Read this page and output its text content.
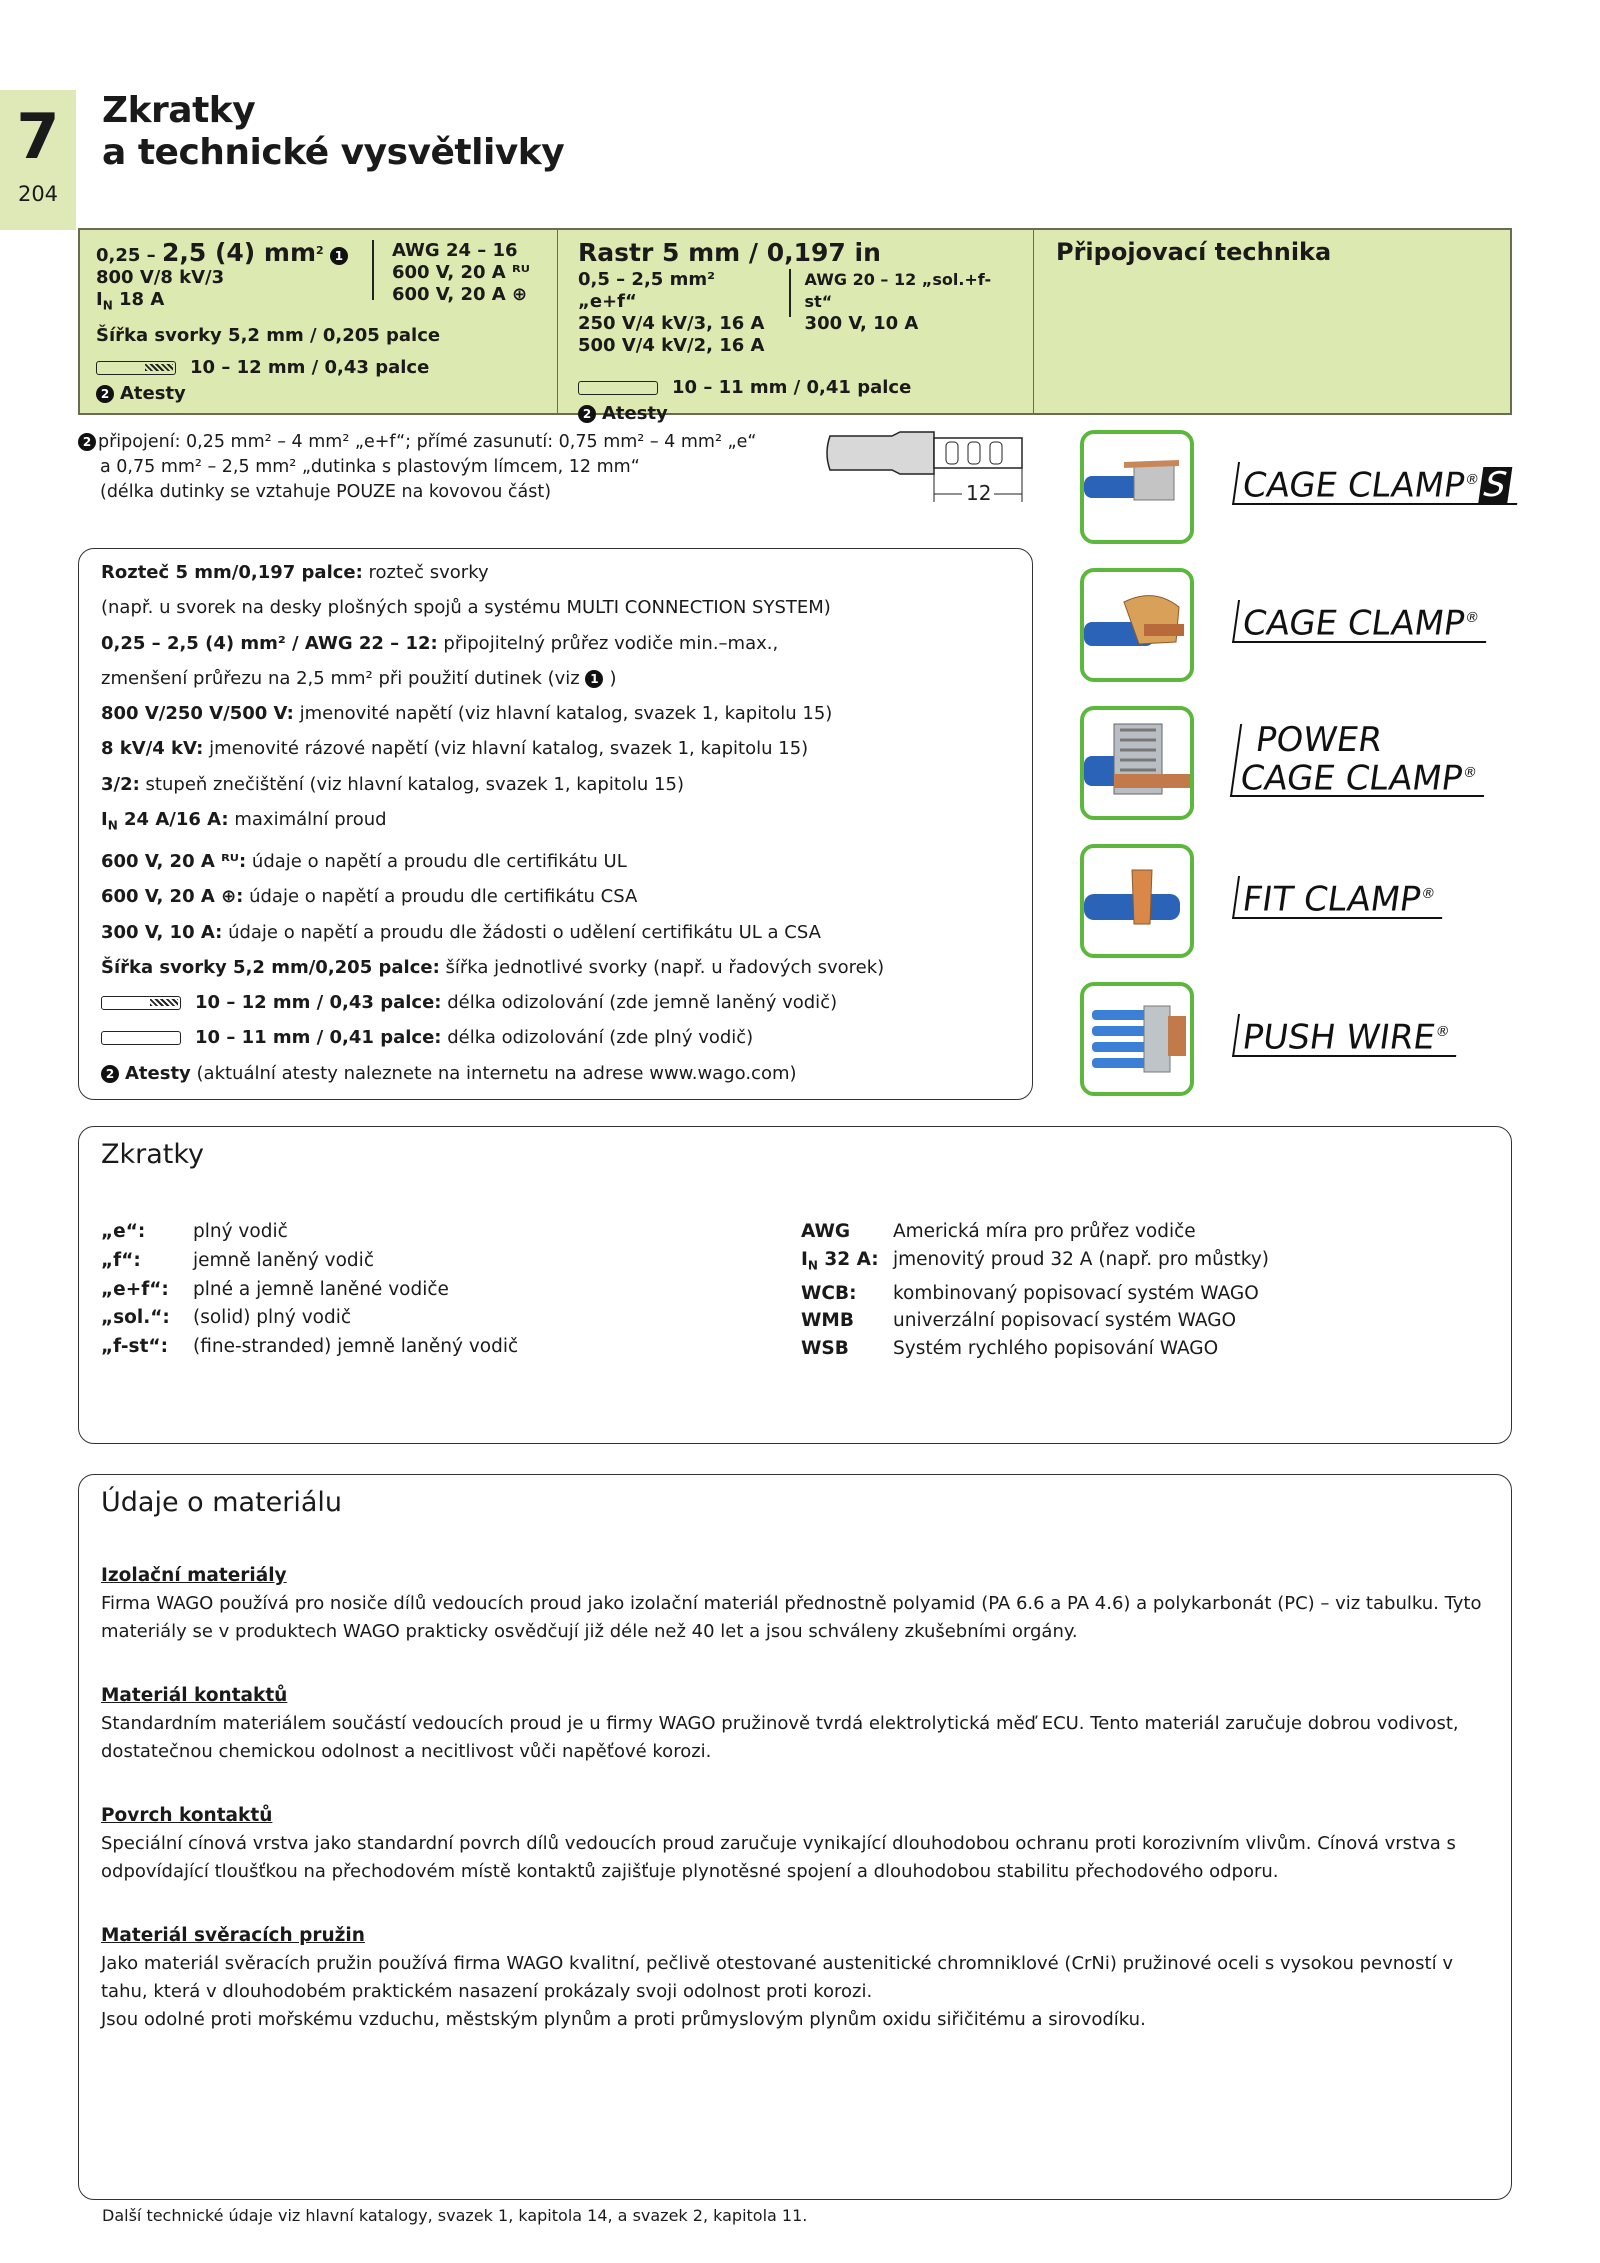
7
204
Zkratky
a technické vysvětlivky
0,25 – 2,5 (4) $mm^2$ 1
800 V/8 kV/3
$I_N$ 18 A
AWG 24 – 16
600 V, 20 A ᴿᵁ
600 V, 20 A ⊕
Šířka svorky 5,2 mm / 0,205 palce
10 – 12 mm / 0,43 palce
2 Atesty
Rastr 5 mm / 0,197 in
0,5 – 2,5 mm² „e+f“
250 V/4 kV/3, 16 A
500 V/4 kV/2, 16 A
AWG 20 – 12 „sol.+f-st“
300 V, 10 A
10 – 11 mm / 0,41 palce
2 Atesty
Připojovací technika
2 připojení: 0,25 mm² – 4 mm² „e+f“; přímé zasunutí: 0,75 mm² – 4 mm² „e“
a 0,75 mm² – 2,5 mm² „dutinka s plastovým límcem, 12 mm“
(délka dutinky se vztahuje POUZE na kovovou část)	12	CAGE CLAMP®S
CAGE CLAMP®
POWER
CAGE CLAMP®
FIT CLAMP®
PUSH WIRE®
Rozteč 5 mm/0,197 palce: rozteč svorky
(např. u svorek na desky plošných spojů a systému MULTI CONNECTION SYSTEM)
0,25 – 2,5 (4) mm² / AWG 22 – 12: připojitelný průřez vodiče min.–max.,
zmenšení průřezu na 2,5 mm² při použití dutinek (viz 1 )
800 V/250 V/500 V: jmenovité napětí (viz hlavní katalog, svazek 1, kapitolu 15)
8 kV/4 kV: jmenovité rázové napětí (viz hlavní katalog, svazek 1, kapitolu 15)
3/2: stupeň znečištění (viz hlavní katalog, svazek 1, kapitolu 15)
$I_N$ 24 A/16 A: maximální proud
600 V, 20 A ᴿᵁ: údaje o napětí a proudu dle certifikátu UL
600 V, 20 A ⊕: údaje o napětí a proudu dle certifikátu CSA
300 V, 10 A: údaje o napětí a proudu dle žádosti o udělení certifikátu UL a CSA
Šířka svorky 5,2 mm/0,205 palce: šířka jednotlivé svorky (např. u řadových svorek)
10 – 12 mm / 0,43 palce: délka odizolování (zde jemně laněný vodič)
10 – 11 mm / 0,41 palce: délka odizolování (zde plný vodič)
2 Atesty (aktuální atesty naleznete na internetu na adrese www.wago.com)
Zkratky
„e“:	plný vodič
„f“:	jemně laněný vodič
„e+f“:	plné a jemně laněné vodiče
„sol.“:	(solid) plný vodič
„f-st“:	(fine-stranded) jemně laněný vodič
AWG	Americká míra pro průřez vodiče
$I_N$ 32 A:	jmenovitý proud 32 A (např. pro můstky)
WCB:	kombinovaný popisovací systém WAGO
WMB	univerzální popisovací systém WAGO
WSB	Systém rychlého popisování WAGO
Údaje o materiálu
Izolační materiály

Firma WAGO používá pro nosiče dílů vedoucích proud jako izolační materiál přednostně polyamid (PA 6.6 a PA 4.6) a polykarbonát (PC) – viz tabulku. Tyto materiály se v produktech WAGO prakticky osvědčují již déle než 40 let a jsou schváleny zkušebními orgány.

Materiál kontaktů

Standardním materiálem součástí vedoucích proud je u firmy WAGO pružinově tvrdá elektrolytická měď ECU. Tento materiál zaručuje dobrou vodivost, dostatečnou chemickou odolnost a necitlivost vůči napěťové korozi.

Povrch kontaktů

Speciální cínová vrstva jako standardní povrch dílů vedoucích proud zaručuje vynikající dlouhodobou ochranu proti korozivním vlivům. Cínová vrstva s odpovídající tloušťkou na přechodovém místě kontaktů zajišťuje plynotěsné spojení a dlouhodobou stabilitu přechodového odporu.

Materiál svěracích pružin

Jako materiál svěracích pružin používá firma WAGO kvalitní, pečlivě otestované austenitické chromniklové (CrNi) pružinové oceli s vysokou pevností v tahu, která v dlouhodobém praktickém nasazení prokázaly svoji odolnost proti korozi.

Jsou odolné proti mořskému vzduchu, městským plynům a proti průmyslovým plynům oxidu siřičitému a sirovodíku.

Další technické údaje viz hlavní katalogy, svazek 1, kapitola 14, a svazek 2, kapitola 11.
